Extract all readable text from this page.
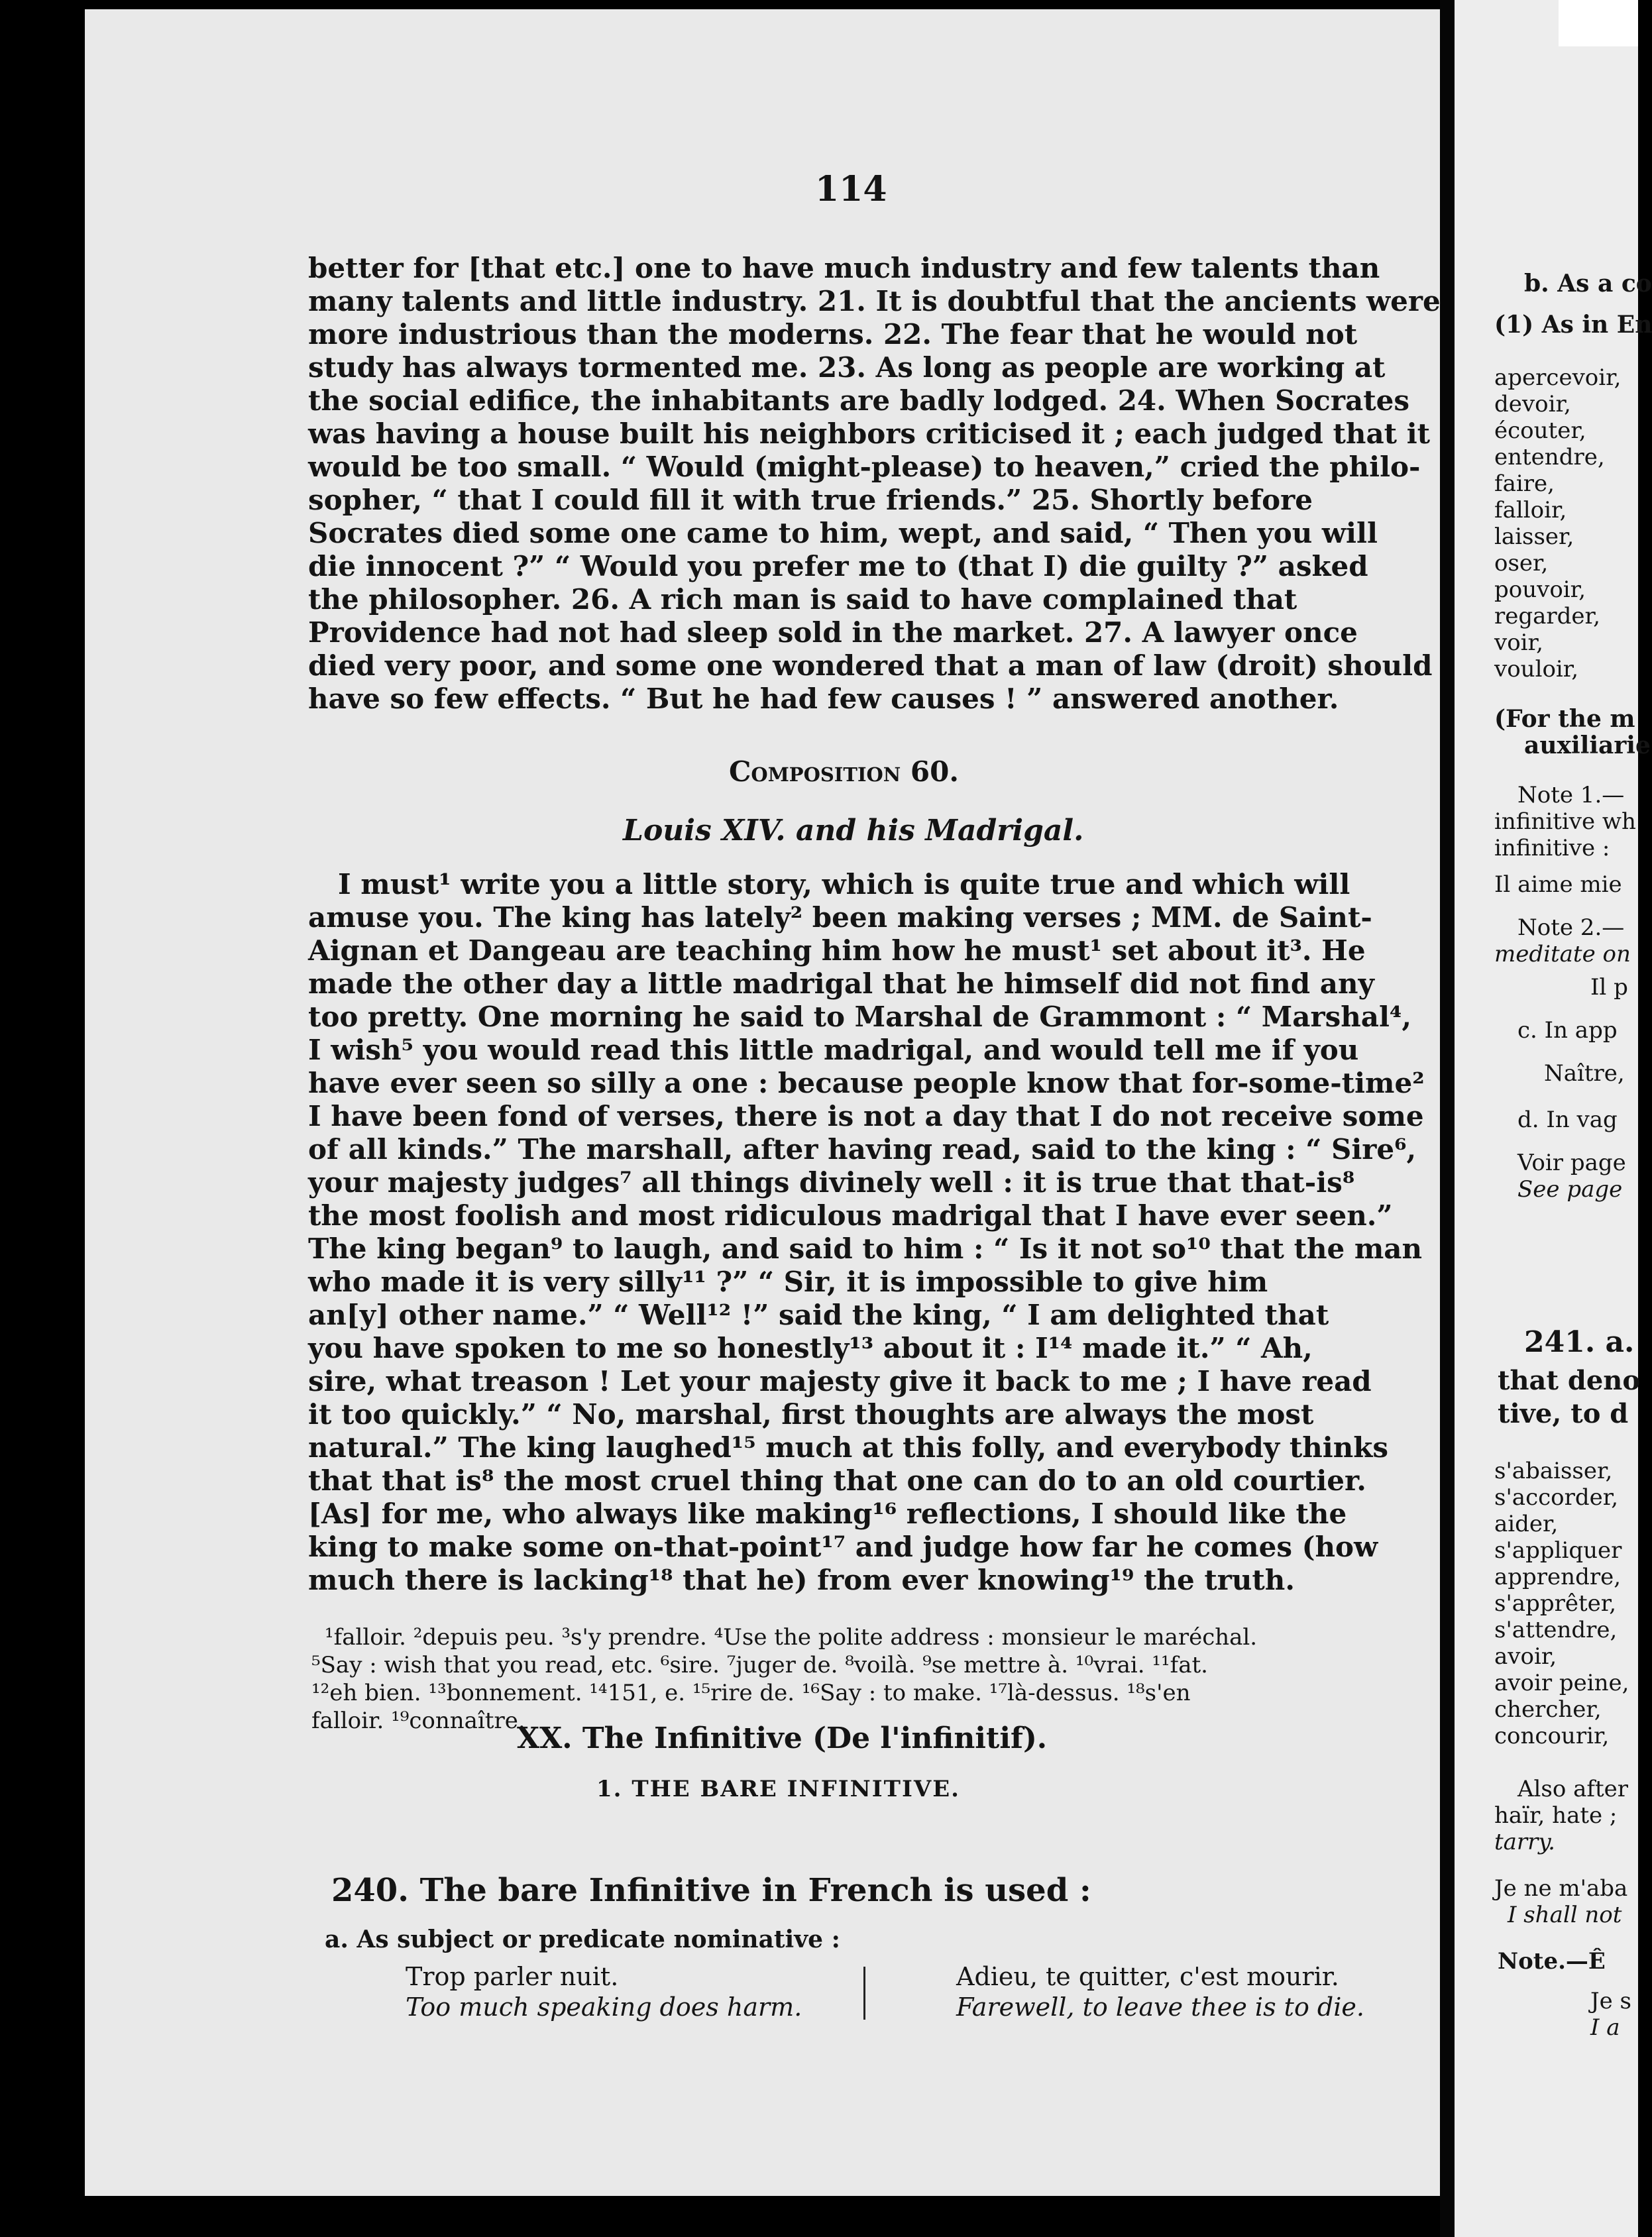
114
better for [that etc.] one to have much industry and few talents than
many talents and little industry. 21. It is doubtful that the ancients were
more industrious than the moderns. 22. The fear that he would not
study has always tormented me. 23. As long as people are working at
the social edifice, the inhabitants are badly lodged. 24. When Socrates
was having a house built his neighbors criticised it ; each judged that it
would be too small. “ Would (might-please) to heaven,” cried the philo-
sopher, “ that I could fill it with true friends.” 25. Shortly before
Socrates died some one came to him, wept, and said, “ Then you will
die innocent ?” “ Would you prefer me to (that I) die guilty ?” asked
the philosopher. 26. A rich man is said to have complained that
Providence had not had sleep sold in the market. 27. A lawyer once
died very poor, and some one wondered that a man of law (droit) should
have so few effects. “ But he had few causes ! ” answered another.
Composition 60.
Louis XIV. and his Madrigal.
I must¹ write you a little story, which is quite true and which will
amuse you. The king has lately² been making verses ; MM. de Saint-
Aignan et Dangeau are teaching him how he must¹ set about it³. He
made the other day a little madrigal that he himself did not find any
too pretty. One morning he said to Marshal de Grammont : “ Marshal⁴,
I wish⁵ you would read this little madrigal, and would tell me if you
have ever seen so silly a one : because people know that for-some-time²
I have been fond of verses, there is not a day that I do not receive some
of all kinds.” The marshall, after having read, said to the king : “ Sire⁶,
your majesty judges⁷ all things divinely well : it is true that that-is⁸
the most foolish and most ridiculous madrigal that I have ever seen.”
The king began⁹ to laugh, and said to him : “ Is it not so¹⁰ that the man
who made it is very silly¹¹ ?” “ Sir, it is impossible to give him
an[y] other name.” “ Well¹² !” said the king, “ I am delighted that
you have spoken to me so honestly¹³ about it : I¹⁴ made it.” “ Ah,
sire, what treason ! Let your majesty give it back to me ; I have read
it too quickly.” “ No, marshal, first thoughts are always the most
natural.” The king laughed¹⁵ much at this folly, and everybody thinks
that that is⁸ the most cruel thing that one can do to an old courtier.
[As] for me, who always like making¹⁶ reflections, I should like the
king to make some on-that-point¹⁷ and judge how far he comes (how
much there is lacking¹⁸ that he) from ever knowing¹⁹ the truth.
¹falloir. ²depuis peu. ³s'y prendre. ⁴Use the polite address : monsieur le maréchal.
⁵Say : wish that you read, etc. ⁶sire. ⁷juger de. ⁸voilà. ⁹se mettre à. ¹⁰vrai. ¹¹fat.
¹²eh bien. ¹³bonnement. ¹⁴151, e. ¹⁵rire de. ¹⁶Say : to make. ¹⁷là-dessus. ¹⁸s'en
falloir. ¹⁹connaître.
XX. The Infinitive (De l'infinitif).
1. THE BARE INFINITIVE.
240. The bare Infinitive in French is used :
a. As subject or predicate nominative :
Trop parler nuit.
Too much speaking does harm.
Adieu, te quitter, c'est mourir.
Farewell, to leave thee is to die.
b. As a co
(1) As in En
apercevoir,
devoir,
écouter,
entendre,
faire,
falloir,
laisser,
oser,
pouvoir,
regarder,
voir,
vouloir,
(For the m
auxiliarie
Note 1.—
infinitive wh
infinitive :
Il aime mie
Note 2.—
meditate on
Il p
c. In app
Naître,
d. In vag
Voir page
See page
241. a.
that deno
tive, to d
s'abaisser,
s'accorder,
aider,
s'appliquer
apprendre,
s'apprêter,
s'attendre,
avoir,
avoir peine,
chercher,
concourir,
Also after
haïr, hate ;
tarry.
Je ne m'aba
I shall not
Note.—Ê
Je s
I a
